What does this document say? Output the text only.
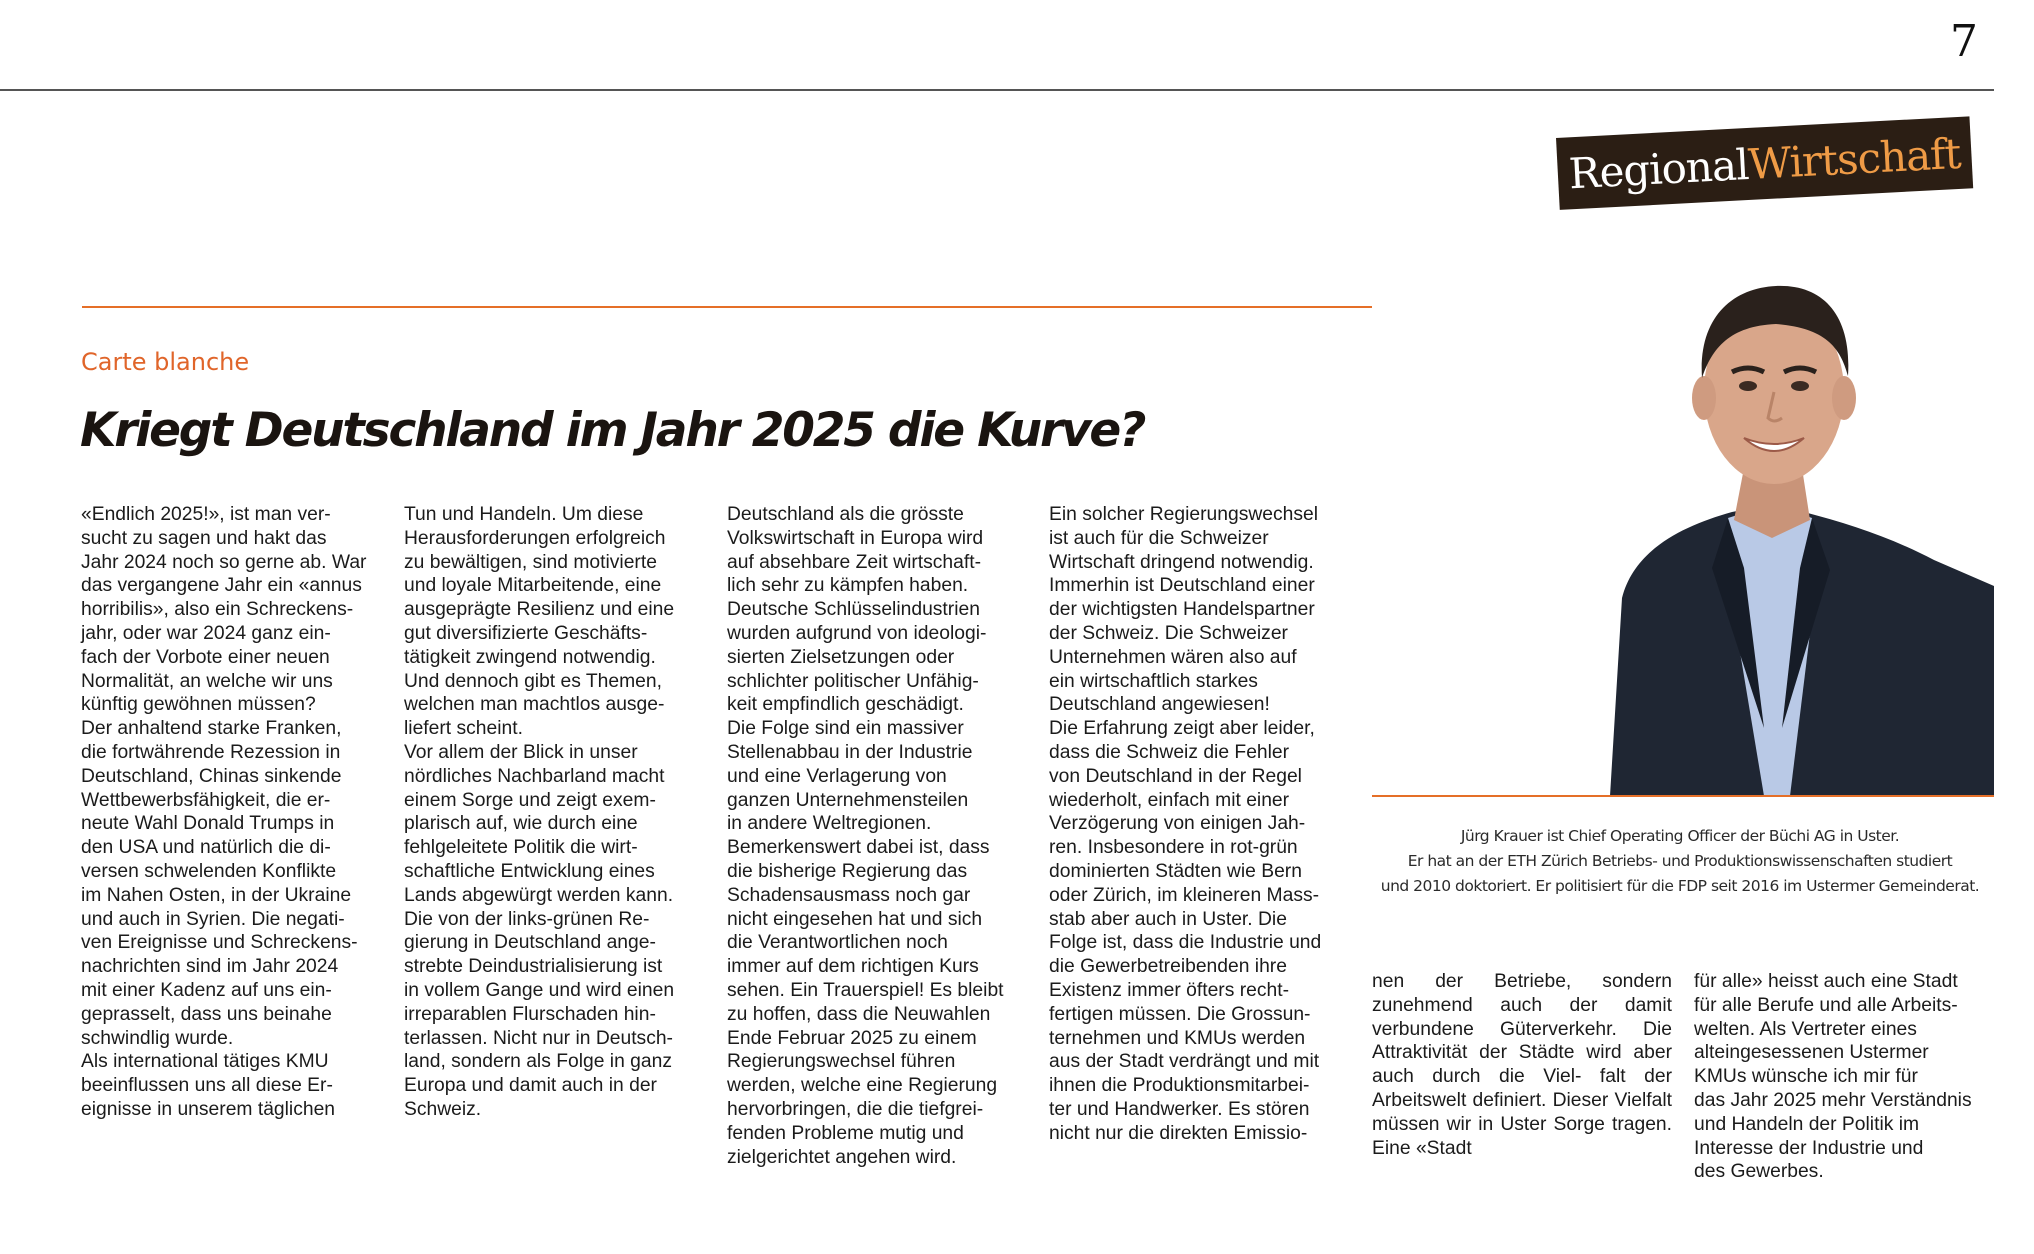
7
Regional
Wirtschaft
Carte blanche
Kriegt Deutschland im Jahr 2025 die Kurve?
«Endlich 2025!», ist man ver-
sucht zu sagen und hakt das
Jahr 2024 noch so gerne ab. War
das vergangene Jahr ein «annus
horribilis», also ein Schreckens-
jahr, oder war 2024 ganz ein-
fach der Vorbote einer neuen
Normalität, an welche wir uns
künftig gewöhnen müssen?
Der anhaltend starke Franken,
die fortwährende Rezession in
Deutschland, Chinas sinkende
Wettbewerbsfähigkeit, die er-
neute Wahl Donald Trumps in
den USA und natürlich die di-
versen schwelenden Konflikte
im Nahen Osten, in der Ukraine
und auch in Syrien. Die negati-
ven Ereignisse und Schreckens-
nachrichten sind im Jahr 2024
mit einer Kadenz auf uns ein-
geprasselt, dass uns beinahe
schwindlig wurde.
Als international tätiges KMU
beeinflussen uns all diese Er-
eignisse in unserem täglichen
Tun und Handeln. Um diese
Herausforderungen erfolgreich
zu bewältigen, sind motivierte
und loyale Mitarbeitende, eine
ausgeprägte Resilienz und eine
gut diversifizierte Geschäfts-
tätigkeit zwingend notwendig.
Und dennoch gibt es Themen,
welchen man machtlos ausge-
liefert scheint.
Vor allem der Blick in unser
nördliches Nachbarland macht
einem Sorge und zeigt exem-
plarisch auf, wie durch eine
fehlgeleitete Politik die wirt-
schaftliche Entwicklung eines
Lands abgewürgt werden kann.
Die von der links-grünen Re-
gierung in Deutschland ange-
strebte Deindustrialisierung ist
in vollem Gange und wird einen
irreparablen Flurschaden hin-
terlassen. Nicht nur in Deutsch-
land, sondern als Folge in ganz
Europa und damit auch in der
Schweiz.
Deutschland als die grösste
Volkswirtschaft in Europa wird
auf absehbare Zeit wirtschaft-
lich sehr zu kämpfen haben.
Deutsche Schlüsselindustrien
wurden aufgrund von ideologi-
sierten Zielsetzungen oder
schlichter politischer Unfähig-
keit empfindlich geschädigt.
Die Folge sind ein massiver
Stellenabbau in der Industrie
und eine Verlagerung von
ganzen Unternehmensteilen
in andere Weltregionen.
Bemerkenswert dabei ist, dass
die bisherige Regierung das
Schadensausmass noch gar
nicht eingesehen hat und sich
die Verantwortlichen noch
immer auf dem richtigen Kurs
sehen. Ein Trauerspiel! Es bleibt
zu hoffen, dass die Neuwahlen
Ende Februar 2025 zu einem
Regierungswechsel führen
werden, welche eine Regierung
hervorbringen, die die tiefgrei-
fenden Probleme mutig und
zielgerichtet angehen wird.
Ein solcher Regierungswechsel
ist auch für die Schweizer
Wirtschaft dringend notwendig.
Immerhin ist Deutschland einer
der wichtigsten Handelspartner
der Schweiz. Die Schweizer
Unternehmen wären also auf
ein wirtschaftlich starkes
Deutschland angewiesen!
Die Erfahrung zeigt aber leider,
dass die Schweiz die Fehler
von Deutschland in der Regel
wiederholt, einfach mit einer
Verzögerung von einigen Jah-
ren. Insbesondere in rot-grün
dominierten Städten wie Bern
oder Zürich, im kleineren Mass-
stab aber auch in Uster. Die
Folge ist, dass die Industrie und
die Gewerbetreibenden ihre
Existenz immer öfters recht-
fertigen müssen. Die Grossun-
ternehmen und KMUs werden
aus der Stadt verdrängt und mit
ihnen die Produktionsmitarbei-
ter und Handwerker. Es stören
nicht nur die direkten Emissio-
nen der Betriebe, sondern zunehmend auch der damit verbundene Güterverkehr. Die Attraktivität der Städte wird aber auch durch die Viel- falt der Arbeitswelt definiert. Dieser Vielfalt müssen wir in Uster Sorge tragen. Eine «Stadt
für alle» heisst auch eine Stadt
für alle Berufe und alle Arbeits-
welten. Als Vertreter eines
alteingesessenen Ustermer
KMUs wünsche ich mir für
das Jahr 2025 mehr Verständnis
und Handeln der Politik im
Interesse der Industrie und
des Gewerbes.
Jürg Krauer ist Chief Operating Officer der Büchi AG in Uster.
Er hat an der ETH Zürich Betriebs- und Produktionswissenschaften studiert
und 2010 doktoriert. Er politisiert für die FDP seit 2016 im Ustermer Gemeinderat.
